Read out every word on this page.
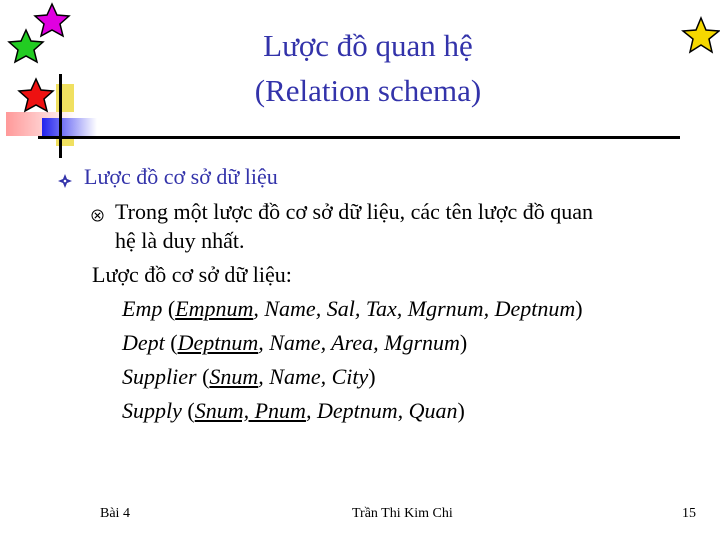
Lược đồ quan hệ
(Relation schema)
Lược đồ cơ sở dữ liệu
Trong một lược đồ cơ sở dữ liệu, các tên lược đồ quan
hệ là duy nhất.
Lược đồ cơ sở dữ liệu:
Emp (Empnum, Name, Sal, Tax, Mgrnum, Deptnum)
Dept (Deptnum, Name, Area, Mgrnum)
Supplier (Snum, Name, City)
Supply (Snum, Pnum, Deptnum, Quan)
Bài 4	Trần Thi Kim Chi	15
